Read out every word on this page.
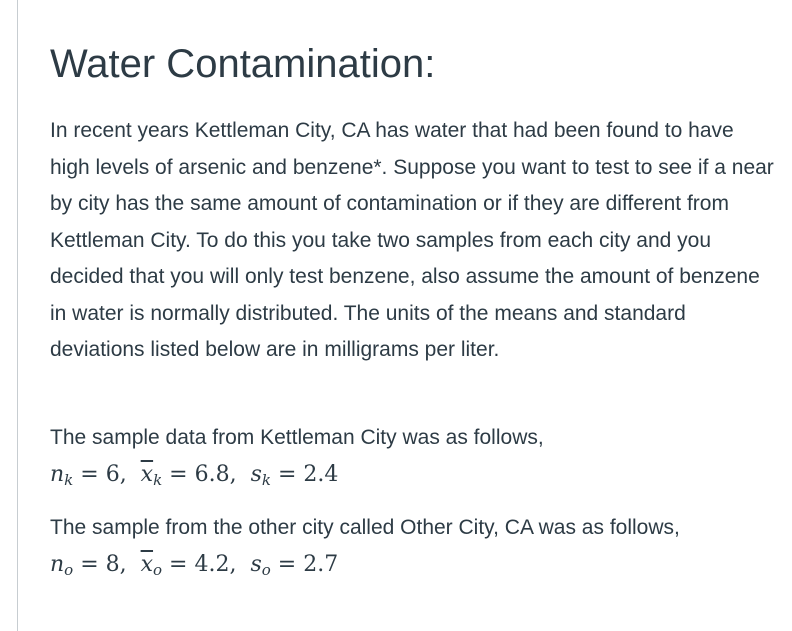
Water Contamination:

In recent years Kettleman City, CA has water that had been found to have high levels of arsenic and benzene*. Suppose you want to test to see if a near by city has the same amount of contamination or if they are different from Kettleman City. To do this you take two samples from each city and you decided that you will only test benzene, also assume the amount of benzene in water is normally distributed. The units of the means and standard deviations listed below are in milligrams per liter.

The sample data from Kettleman City was as follows,
$n_k = 6$,  $\overline{x}_k = 6.8$,  $s_k = 2.4$

The sample from the other city called Other City, CA was as follows, $n_o = 8$,  $\overline{x}_o = 4.2$,  $s_o = 2.7$
